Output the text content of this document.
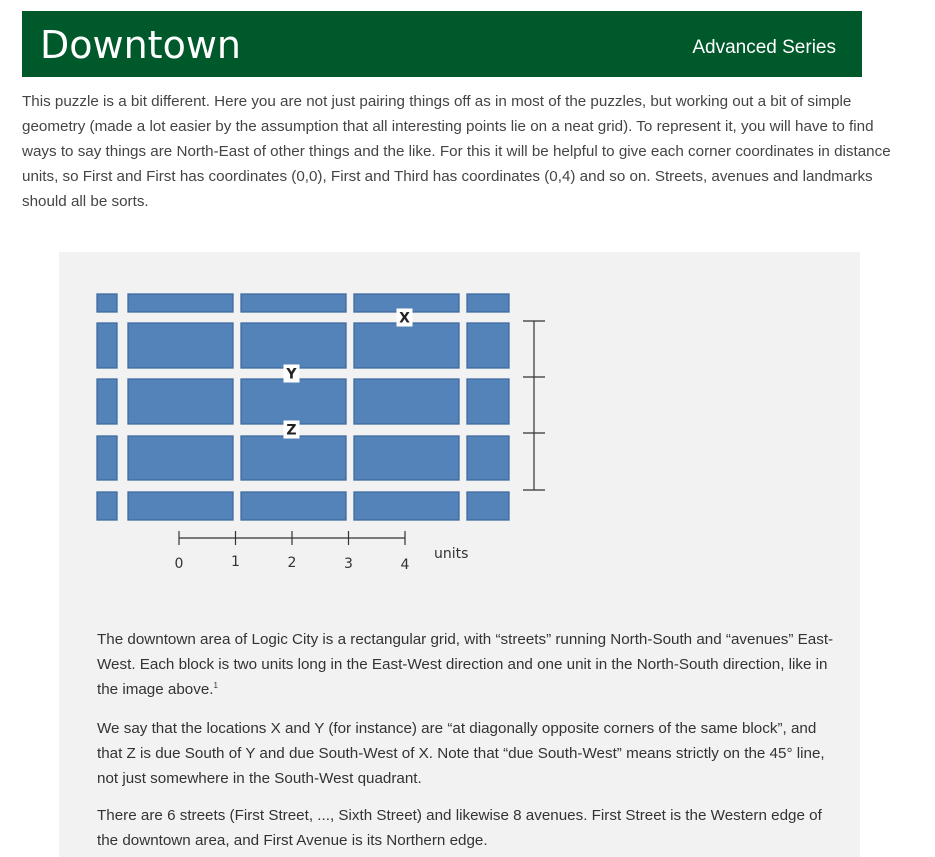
Downtown	Advanced Series

This puzzle is a bit different. Here you are not just pairing things off as in most of the puzzles, but working out a bit of simple geometry (made a lot easier by the assumption that all interesting points lie on a neat grid). To represent it, you will have to find ways to say things are North-East of other things and the like. For this it will be helpful to give each corner coordinates in distance units, so First and First has coordinates (0,0), First and Third has coordinates (0,4) and so on. Streets, avenues and landmarks should all be sorts.

X
Y
Z
0	1	2	3	4
units

The downtown area of Logic City is a rectangular grid, with “streets” running North-South and “avenues” East-West. Each block is two units long in the East-West direction and one unit in the North-South direction, like in the image above.$^1$

We say that the locations X and Y (for instance) are “at diagonally opposite corners of the same block”, and that Z is due South of Y and due South-West of X. Note that “due South-West” means strictly on the 45° line, not just somewhere in the South-West quadrant.

There are 6 streets (First Street, ..., Sixth Street) and likewise 8 avenues. First Street is the Western edge of the downtown area, and First Avenue is its Northern edge.
